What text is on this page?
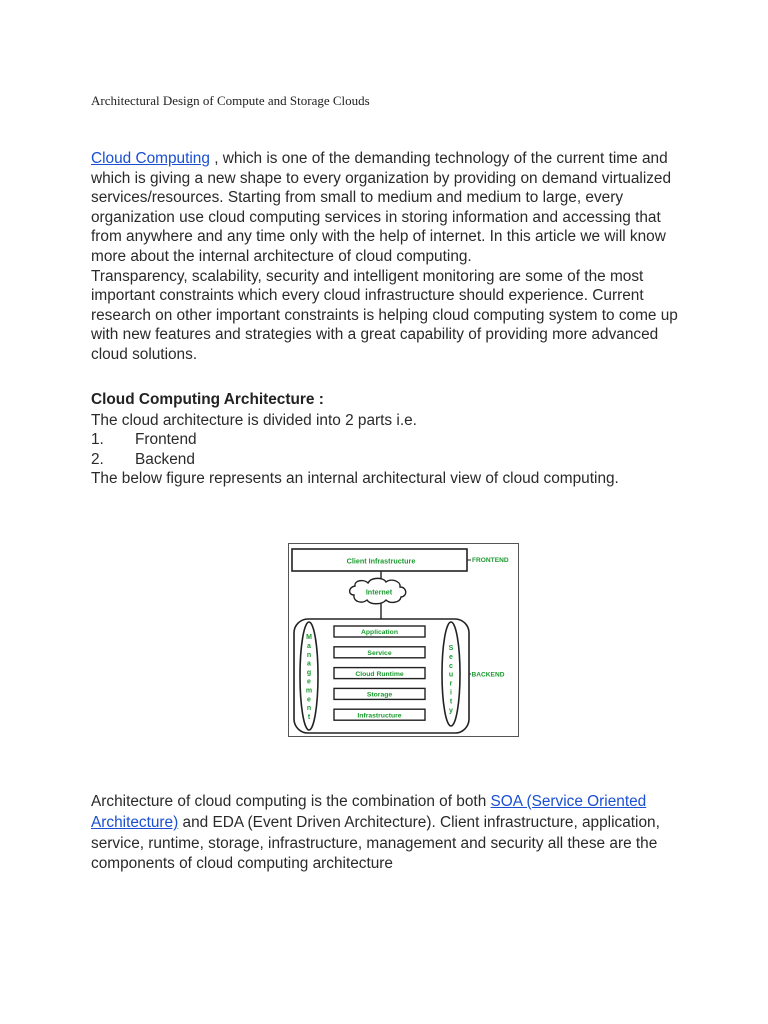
Architectural Design of Compute and Storage Clouds

Cloud Computing , which is one of the demanding technology of the current time and which is giving a new shape to every organization by providing on demand virtualized services/resources. Starting from small to medium and medium to large, every organization use cloud computing services in storing information and accessing that from anywhere and any time only with the help of internet. In this article we will know more about the internal architecture of cloud computing.
Transparency, scalability, security and intelligent monitoring are some of the most important constraints which every cloud infrastructure should experience. Current research on other important constraints is helping cloud computing system to come up with new features and strategies with a great capability of providing more advanced cloud solutions.

Cloud Computing Architecture :

The cloud architecture is divided into 2 parts i.e.

1. Frontend
2. Backend

The below figure represents an internal architectural view of cloud computing.

Client Infrastructure	FRONTEND
Internet
BACKEND
M a n a g e m e n t
S e c u r i t y
Application
Service
Cloud Runtime
Storage
Infrastructure

Architecture of cloud computing is the combination of both SOA (Service Oriented Architecture) and EDA (Event Driven Architecture). Client infrastructure, application, service, runtime, storage, infrastructure, management and security all these are the components of cloud computing architecture
